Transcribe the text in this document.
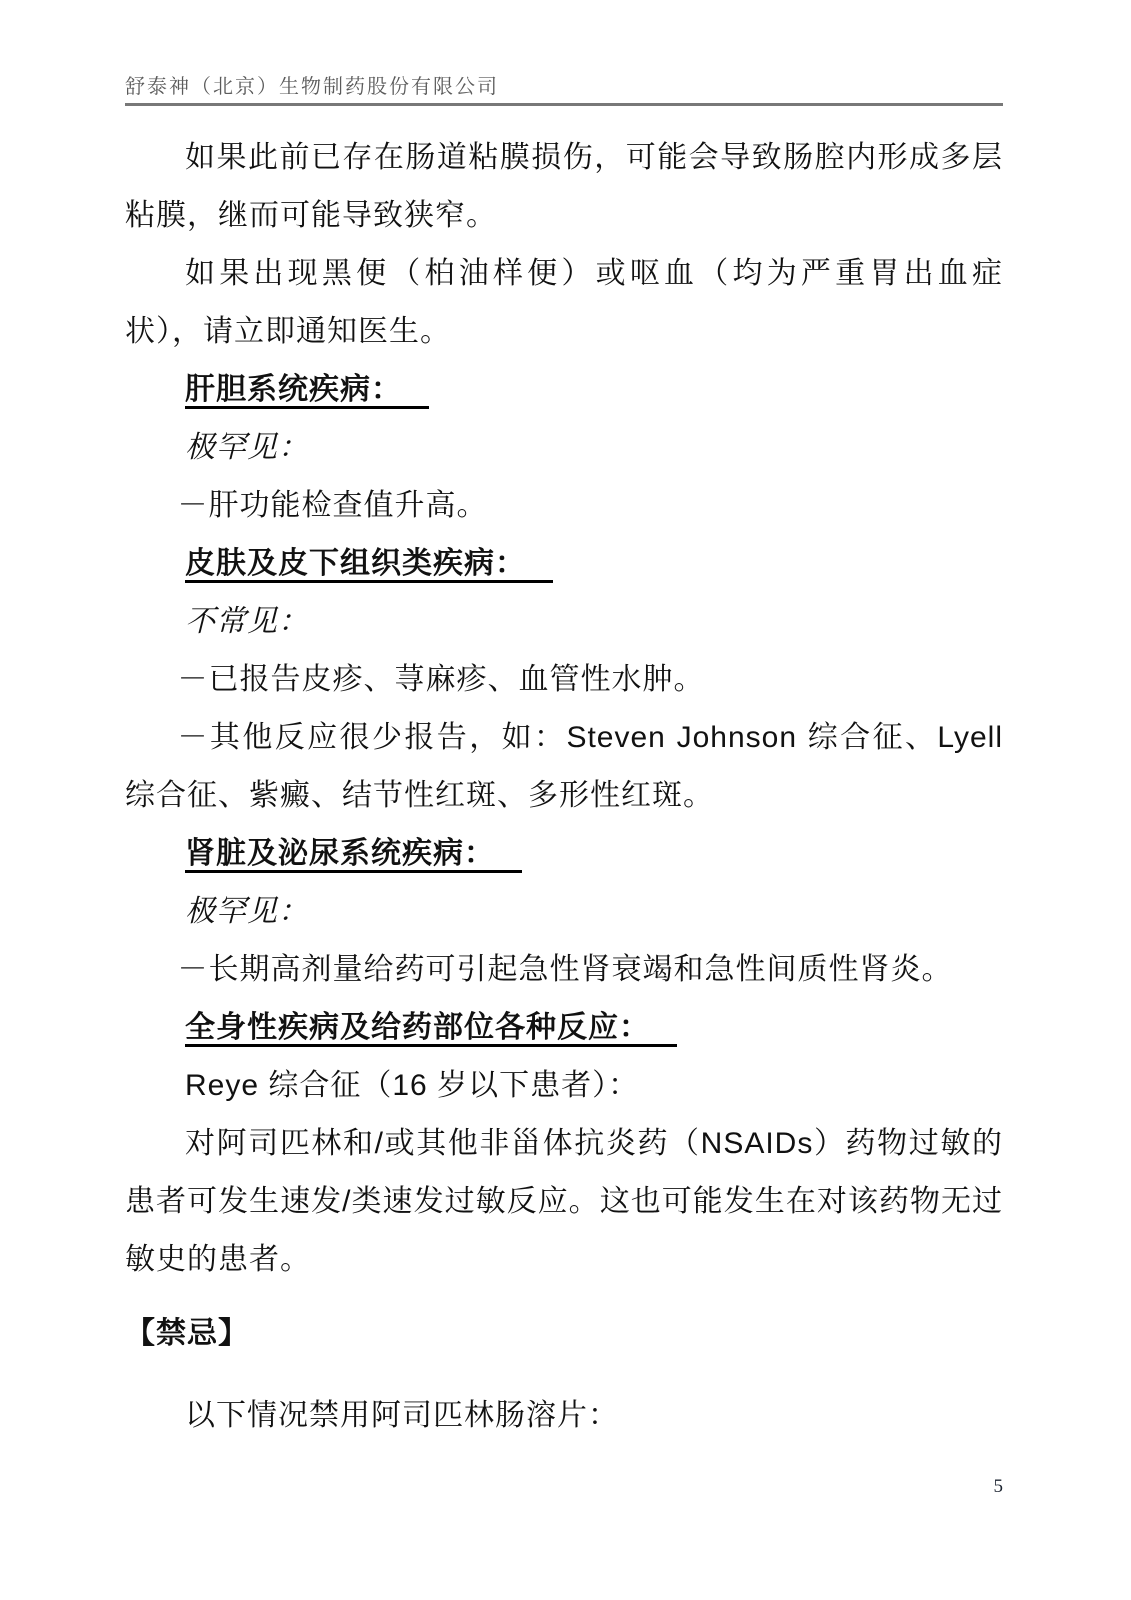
舒泰神（北京）生物制药股份有限公司

如果此前已存在肠道粘膜损伤，可能会导致肠腔内形成多层粘膜，继而可能导致狭窄。

如果出现黑便（柏油样便）或呕血（均为严重胃出血症状），请立即通知医生。

肝胆系统疾病：

极罕见：

－肝功能检查值升高。

皮肤及皮下组织类疾病：

不常见：

－已报告皮疹、荨麻疹、血管性水肿。

－其他反应很少报告，如：Steven Johnson 综合征、Lyell 综合征、紫癜、结节性红斑、多形性红斑。

肾脏及泌尿系统疾病：

极罕见：

－长期高剂量给药可引起急性肾衰竭和急性间质性肾炎。

全身性疾病及给药部位各种反应：

Reye 综合征（16 岁以下患者）：

对阿司匹林和/或其他非甾体抗炎药（NSAIDs）药物过敏的患者可发生速发/类速发过敏反应。这也可能发生在对该药物无过敏史的患者。

【禁忌】

以下情况禁用阿司匹林肠溶片：

5
